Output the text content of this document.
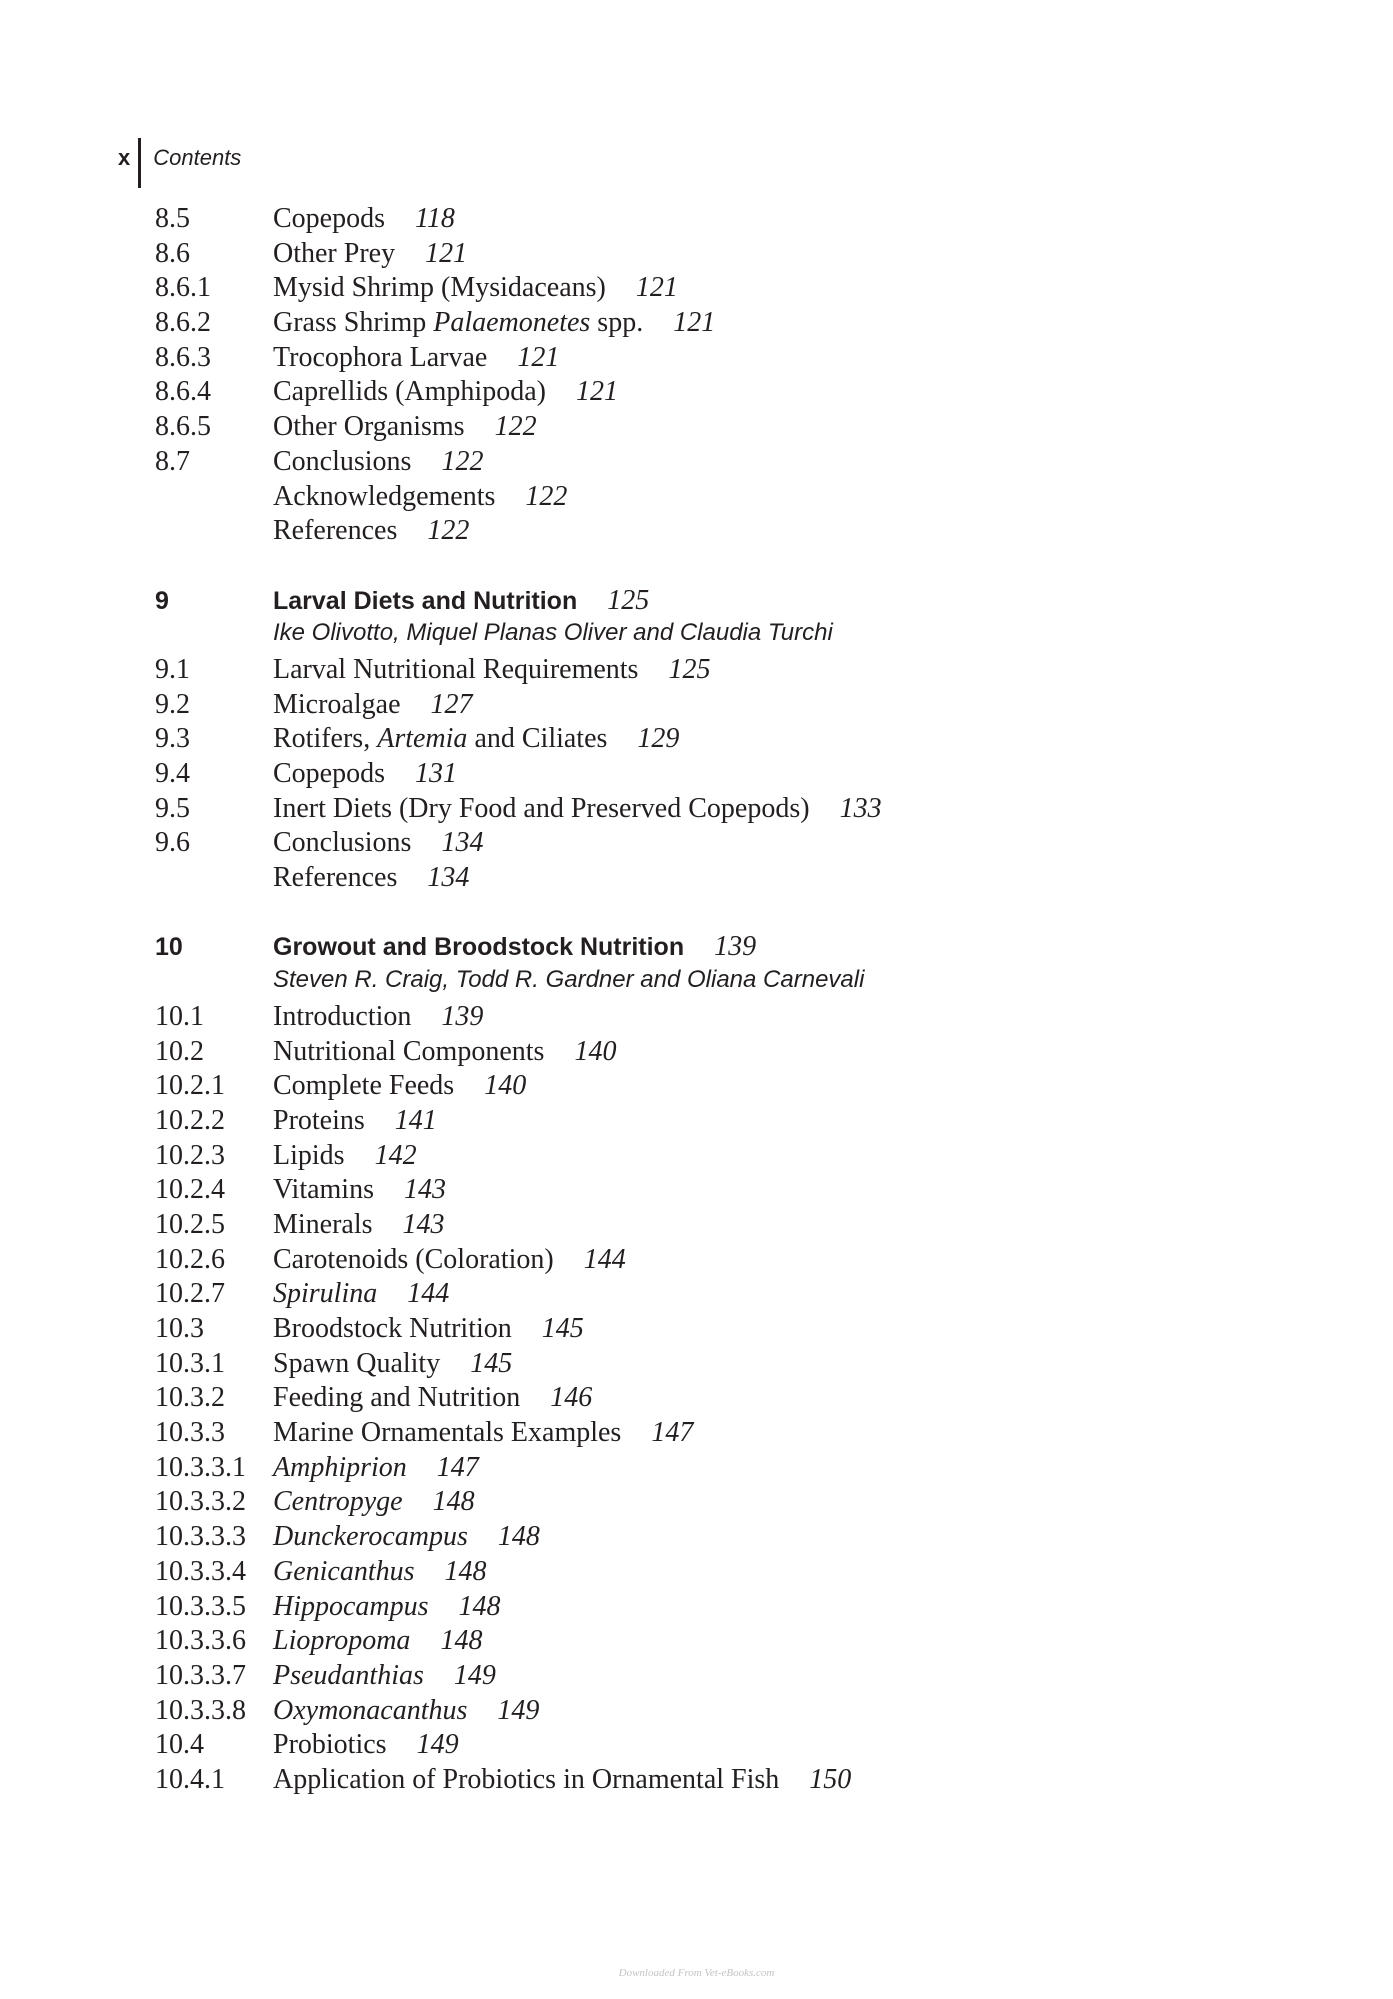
x Contents
8.5	Copepods 118
8.6	Other Prey 121
8.6.1	Mysid Shrimp (Mysidaceans) 121
8.6.2	Grass Shrimp Palaemonetes spp. 121
8.6.3	Trocophora Larvae 121
8.6.4	Caprellids (Amphipoda) 121
8.6.5	Other Organisms 122
8.7	Conclusions 122
Acknowledgements 122
References 122
9	Larval Diets and Nutrition 125
Ike Olivotto, Miquel Planas Oliver and Claudia Turchi
9.1	Larval Nutritional Requirements 125
9.2	Microalgae 127
9.3	Rotifers, Artemia and Ciliates 129
9.4	Copepods 131
9.5	Inert Diets (Dry Food and Preserved Copepods) 133
9.6	Conclusions 134
References 134
10	Growout and Broodstock Nutrition 139
Steven R. Craig, Todd R. Gardner and Oliana Carnevali
10.1	Introduction 139
10.2	Nutritional Components 140
10.2.1	Complete Feeds 140
10.2.2	Proteins 141
10.2.3	Lipids 142
10.2.4	Vitamins 143
10.2.5	Minerals 143
10.2.6	Carotenoids (Coloration) 144
10.2.7	Spirulina 144
10.3	Broodstock Nutrition 145
10.3.1	Spawn Quality 145
10.3.2	Feeding and Nutrition 146
10.3.3	Marine Ornamentals Examples 147
10.3.3.1 Amphiprion 147
10.3.3.2 Centropyge 148
10.3.3.3 Dunckerocampus 148
10.3.3.4 Genicanthus 148
10.3.3.5 Hippocampus 148
10.3.3.6 Liopropoma 148
10.3.3.7 Pseudanthias 149
10.3.3.8 Oxymonacanthus 149
10.4	Probiotics 149
10.4.1	Application of Probiotics in Ornamental Fish 150
Downloaded From Vet-eBooks.com
